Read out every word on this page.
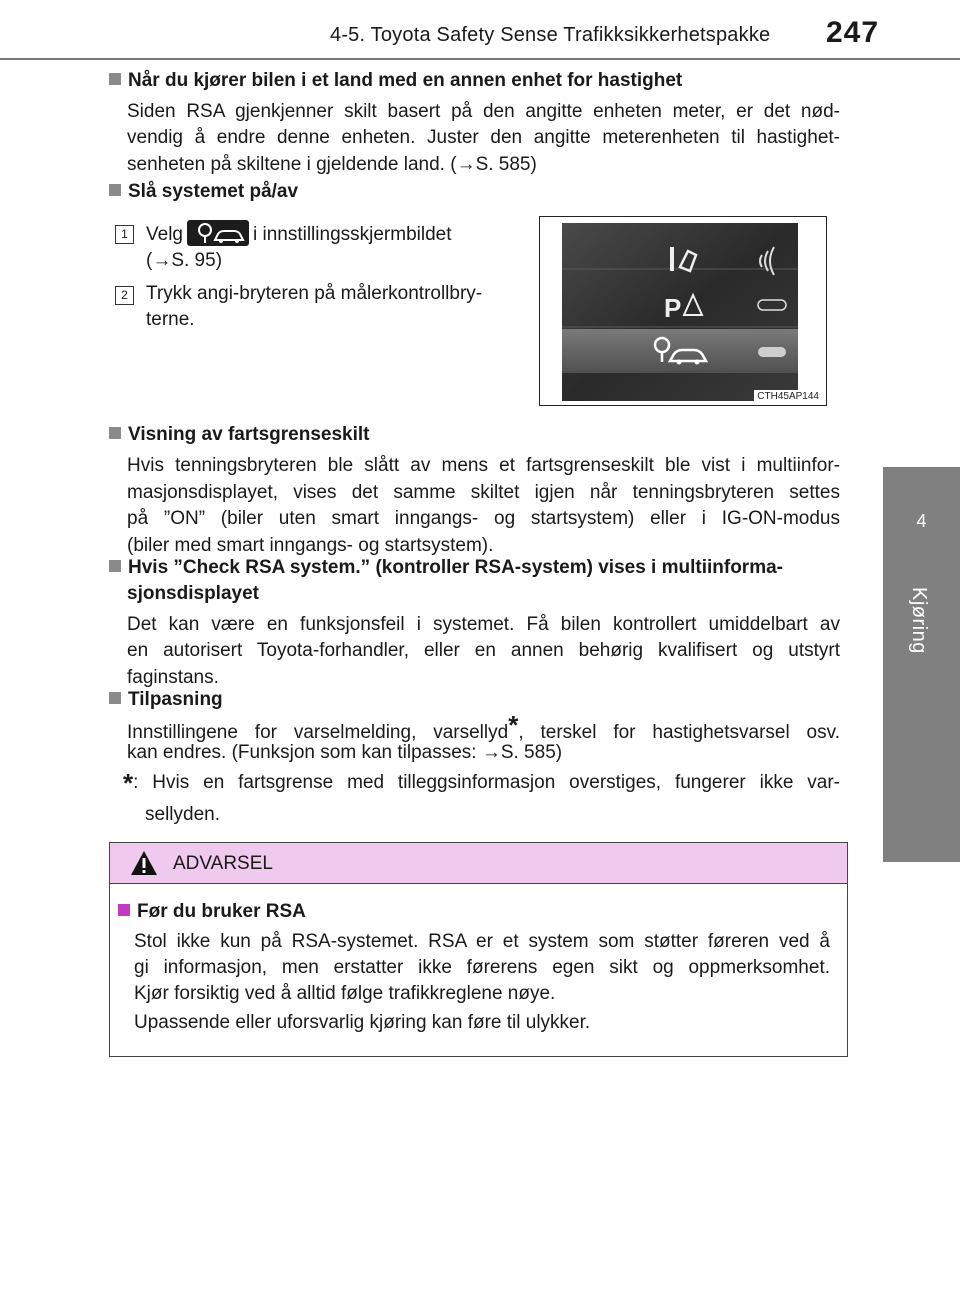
4-5. Toyota Safety Sense Trafikksikkerhetspakke 247
4
Kjøring
Når du kjører bilen i et land med en annen enhet for hastighet
Siden RSA gjenkjenner skilt basert på den angitte enheten meter, er det nød-
vendig å endre denne enheten. Juster den angitte meterenheten til hastighet-
senheten på skiltene i gjeldende land. (→S. 585)
Slå systemet på/av
1 Velg	i innstillingsskjermbildet
(→S. 95)
2 Trykk angi-bryteren på målerkontrollbry-
terne.	P
CTH45AP144
Visning av fartsgrenseskilt
Hvis tenningsbryteren ble slått av mens et fartsgrenseskilt ble vist i multiinfor-
masjonsdisplayet, vises det samme skiltet igjen når tenningsbryteren settes
på ”ON” (biler uten smart inngangs- og startsystem) eller i IG-ON-modus
(biler med smart inngangs- og startsystem).
Hvis ”Check RSA system.” (kontroller RSA-system) vises i multiinforma-
sjonsdisplayet
Det kan være en funksjonsfeil i systemet. Få bilen kontrollert umiddelbart av
en autorisert Toyota-forhandler, eller en annen behørig kvalifisert og utstyrt
faginstans.
Tilpasning
Innstillingene for varselmelding, varsellyd*, terskel for hastighetsvarsel osv.
kan endres. (Funksjon som kan tilpasses: →S. 585)
*: Hvis en fartsgrense med tilleggsinformasjon overstiges, fungerer ikke var-
sellyden.
ADVARSEL
Før du bruker RSA
Stol ikke kun på RSA-systemet. RSA er et system som støtter føreren ved å
gi informasjon, men erstatter ikke førerens egen sikt og oppmerksomhet.
Kjør forsiktig ved å alltid følge trafikkreglene nøye.
Upassende eller uforsvarlig kjøring kan føre til ulykker.
